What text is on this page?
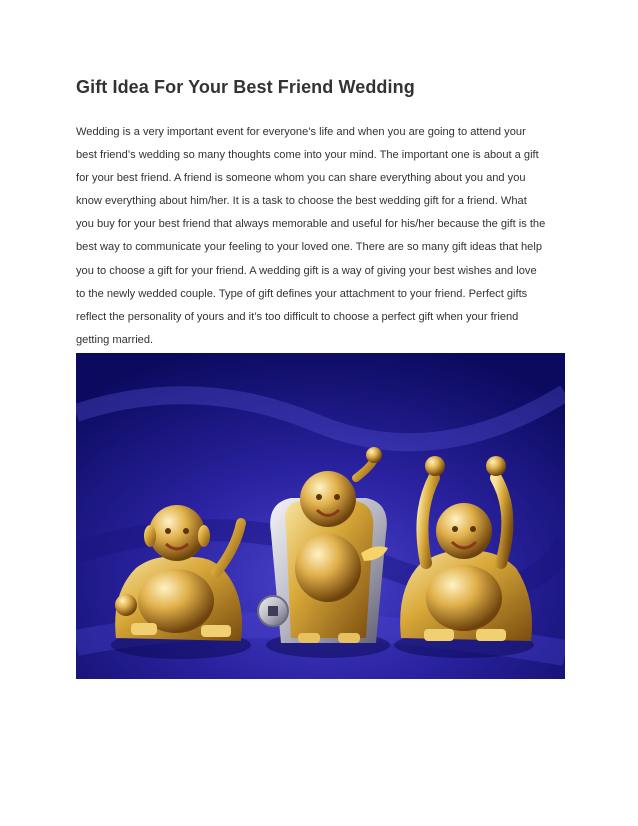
Gift Idea For Your Best Friend Wedding
Wedding is a very important event for everyone’s life and when you are going to attend your
best friend’s wedding so many thoughts come into your mind. The important one is about a gift
for your best friend. A friend is someone whom you can share everything about you and you
know everything about him/her. It is a task to choose the best wedding gift for a friend. What
you buy for your best friend that always memorable and useful for his/her because the gift is the
best way to communicate your feeling to your loved one. There are so many gift ideas that help
you to choose a gift for your friend. A wedding gift is a way of giving your best wishes and love
to the newly wedded couple. Type of gift defines your attachment to your friend. Perfect gifts
reflect the personality of yours and it’s too difficult to choose a perfect gift when your friend
getting married.
